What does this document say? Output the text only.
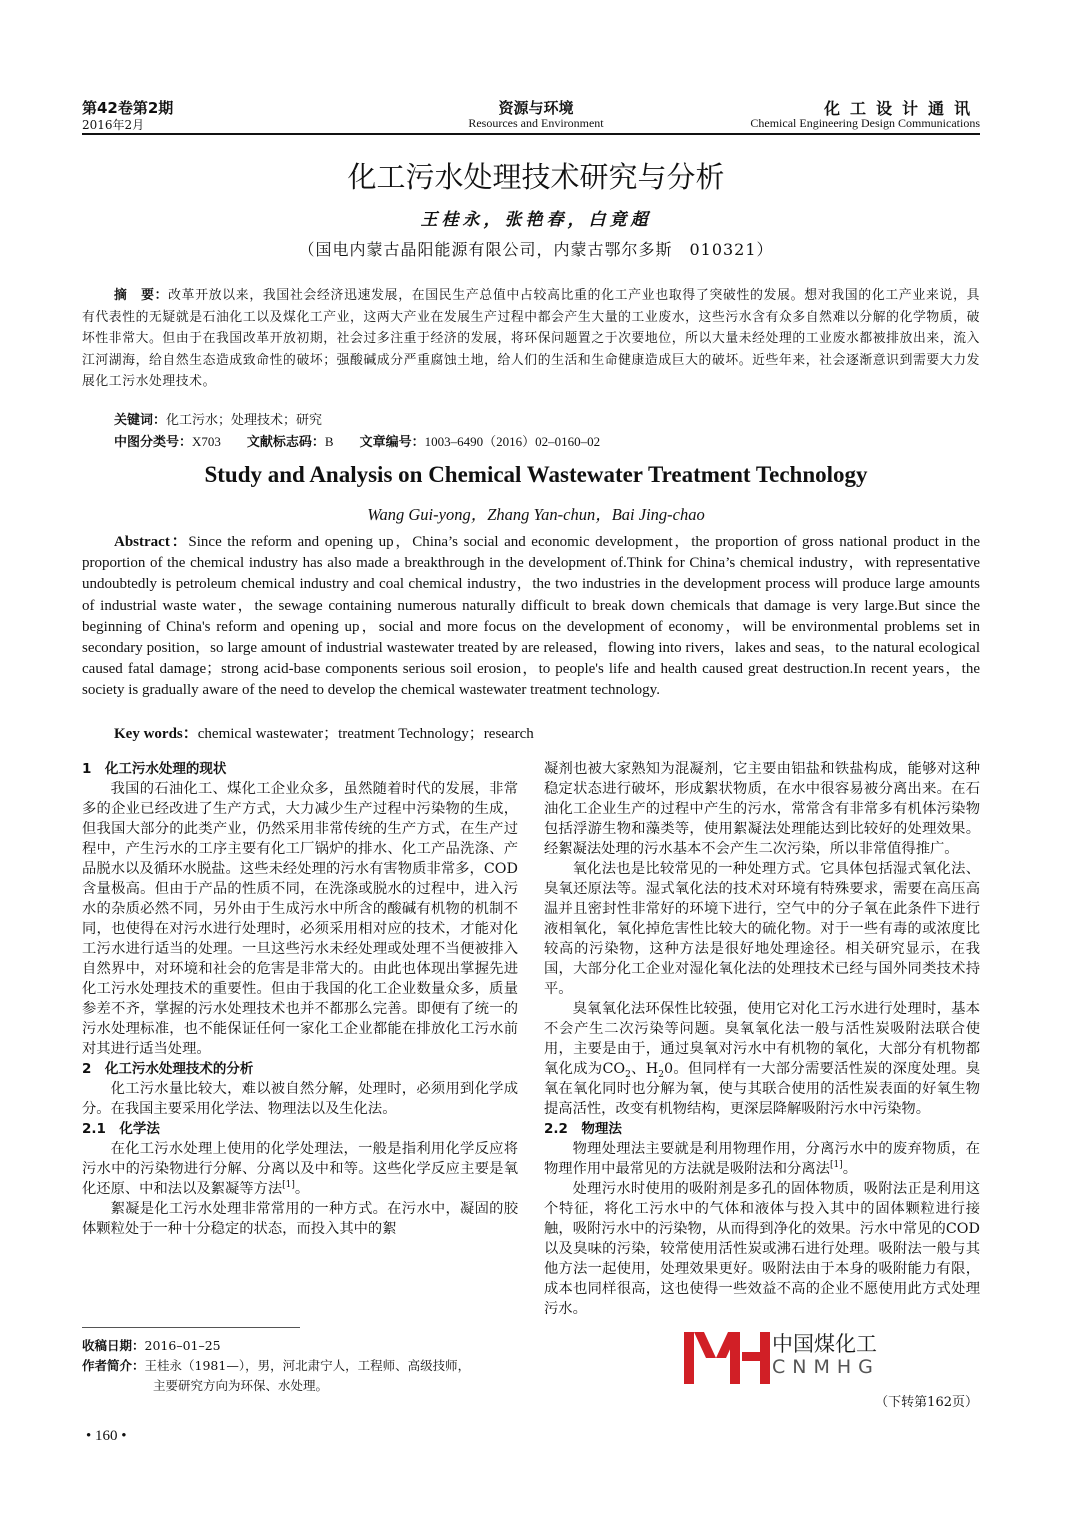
第42卷第2期
2016年2月
资源与环境
Resources and Environment
化工设计通讯
Chemical Engineering Design Communications
化工污水处理技术研究与分析
王桂永，张艳春，白竟超
（国电内蒙古晶阳能源有限公司，内蒙古鄂尔多斯　010321）
摘　要：改革开放以来，我国社会经济迅速发展，在国民生产总值中占较高比重的化工产业也取得了突破性的发展。想对我国的化工产业来说，具有代表性的无疑就是石油化工以及煤化工产业，这两大产业在发展生产过程中都会产生大量的工业废水，这些污水含有众多自然难以分解的化学物质，破坏性非常大。但由于在我国改革开放初期，社会过多注重于经济的发展，将环保问题置之于次要地位，所以大量未经处理的工业废水都被排放出来，流入江河湖海，给自然生态造成致命性的破坏；强酸碱成分严重腐蚀土地，给人们的生活和生命健康造成巨大的破坏。近些年来，社会逐渐意识到需要大力发展化工污水处理技术。
关键词：化工污水；处理技术；研究
中图分类号：X703 文献标志码：B 文章编号：1003–6490（2016）02–0160–02
Study and Analysis on Chemical Wastewater Treatment Technology
Wang Gui-yong，Zhang Yan-chun，Bai Jing-chao
Abstract：Since the reform and opening up，China’s social and economic development，the proportion of gross national product in the proportion of the chemical industry has also made a breakthrough in the development of.Think for China’s chemical industry，with representative undoubtedly is petroleum chemical industry and coal chemical industry，the two industries in the development process will produce large amounts of industrial waste water，the sewage containing numerous naturally difficult to break down chemicals that damage is very large.But since the beginning of China's reform and opening up，social and more focus on the development of economy，will be environmental problems set in secondary position，so large amount of industrial wastewater treated by are released，flowing into rivers，lakes and seas，to the natural ecological caused fatal damage；strong acid-base components serious soil erosion，to people's life and health caused great destruction.In recent years，the society is gradually aware of the need to develop the chemical wastewater treatment technology.
Key words：chemical wastewater；treatment Technology；research
1　化工污水处理的现状

我国的石油化工、煤化工企业众多，虽然随着时代的发展，非常多的企业已经改进了生产方式，大力减少生产过程中污染物的生成，但我国大部分的此类产业，仍然采用非常传统的生产方式，在生产过程中，产生污水的工序主要有化工厂锅炉的排水、化工产品洗涤、产品脱水以及循环水脱盐。这些未经处理的污水有害物质非常多，COD含量极高。但由于产品的性质不同，在洗涤或脱水的过程中，进入污水的杂质必然不同，另外由于生成污水中所含的酸碱有机物的机制不同，也使得在对污水进行处理时，必须采用相对应的技术，才能对化工污水进行适当的处理。一旦这些污水未经处理或处理不当便被排入自然界中，对环境和社会的危害是非常大的。由此也体现出掌握先进化工污水处理技术的重要性。但由于我国的化工企业数量众多，质量参差不齐，掌握的污水处理技术也并不都那么完善。即便有了统一的污水处理标准，也不能保证任何一家化工企业都能在排放化工污水前对其进行适当处理。

2　化工污水处理技术的分析

化工污水量比较大，难以被自然分解，处理时，必须用到化学成分。在我国主要采用化学法、物理法以及生化法。

2.1　化学法

在化工污水处理上使用的化学处理法，一般是指利用化学反应将污水中的污染物进行分解、分离以及中和等。这些化学反应主要是氧化还原、中和法以及絮凝等方法[1]。

絮凝是化工污水处理非常常用的一种方式。在污水中，凝固的胶体颗粒处于一种十分稳定的状态，而投入其中的絮

凝剂也被大家熟知为混凝剂，它主要由铝盐和铁盐构成，能够对这种稳定状态进行破坏，形成絮状物质，在水中很容易被分离出来。在石油化工企业生产的过程中产生的污水，常常含有非常多有机体污染物包括浮游生物和藻类等，使用絮凝法处理能达到比较好的处理效果。经絮凝法处理的污水基本不会产生二次污染，所以非常值得推广。

氧化法也是比较常见的一种处理方式。它具体包括湿式氧化法、臭氧还原法等。湿式氧化法的技术对环境有特殊要求，需要在高压高温并且密封性非常好的环境下进行，空气中的分子氧在此条件下进行液相氧化，氧化掉危害性比较大的硫化物。对于一些有毒的或浓度比较高的污染物，这种方法是很好地处理途径。相关研究显示，在我国，大部分化工企业对湿化氧化法的处理技术已经与国外同类技术持平。

臭氧氧化法环保性比较强，使用它对化工污水进行处理时，基本不会产生二次污染等问题。臭氧氧化法一般与活性炭吸附法联合使用，主要是由于，通过臭氧对污水中有机物的氧化，大部分有机物都氧化成为$CO_2$、$H_20$。但同样有一大部分需要活性炭的深度处理。臭氧在氧化同时也分解为氧，使与其联合使用的活性炭表面的好氧生物提高活性，改变有机物结构，更深层降解吸附污水中污染物。

2.2　物理法

物理处理法主要就是利用物理作用，分离污水中的废弃物质，在物理作用中最常见的方法就是吸附法和分离法[1]。

处理污水时使用的吸附剂是多孔的固体物质，吸附法正是利用这个特征，将化工污水中的气体和液体与投入其中的固体颗粒进行接触，吸附污水中的污染物，从而得到净化的效果。污水中常见的COD以及臭味的污染，较常使用活性炭或沸石进行处理。吸附法一般与其他方法一起使用，处理效果更好。吸附法由于本身的吸附能力有限，成本也同样很高，这也使得一些效益不高的企业不愿使用此方式处理污水。

收稿日期：2016–01–25
作者简介：王桂永（1981—），男，河北肃宁人，工程师、高级技师，
主要研究方向为环保、水处理。
（下转第162页）
• 160 •
中国煤化工
CNMHG
